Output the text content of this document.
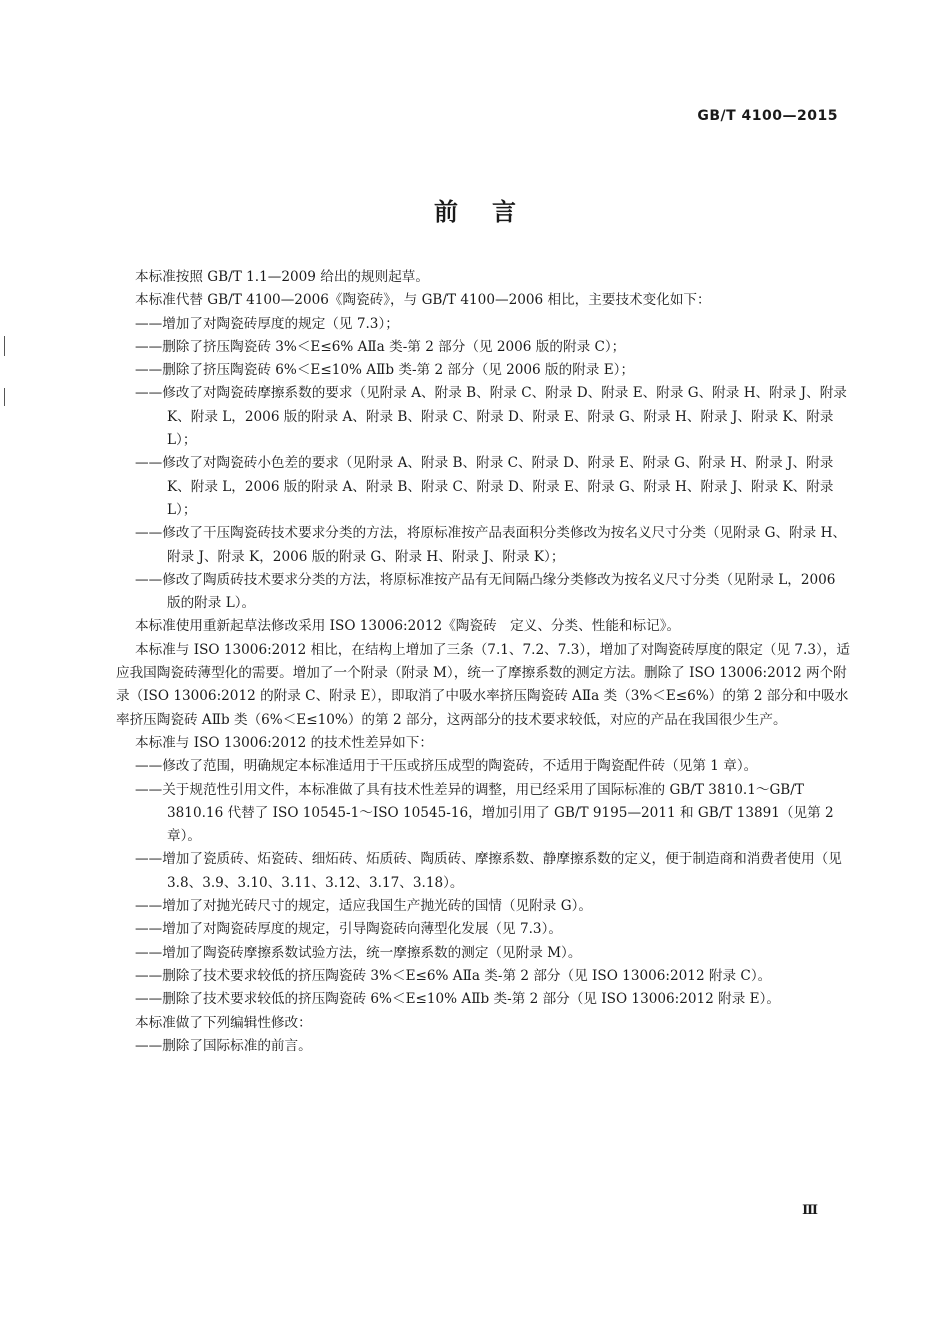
GB/T 4100—2015
前言
本标准按照 GB/T 1.1—2009 给出的规则起草。
本标准代替 GB/T 4100—2006《陶瓷砖》，与 GB/T 4100—2006 相比，主要技术变化如下：
——增加了对陶瓷砖厚度的规定（见 7.3）；
——删除了挤压陶瓷砖 3%＜E≤6% AⅡa 类-第 2 部分（见 2006 版的附录 C）；
——删除了挤压陶瓷砖 6%＜E≤10% AⅡb 类-第 2 部分（见 2006 版的附录 E）；
——修改了对陶瓷砖摩擦系数的要求（见附录 A、附录 B、附录 C、附录 D、附录 E、附录 G、附录 H、附录 J、附录 K、附录 L，2006 版的附录 A、附录 B、附录 C、附录 D、附录 E、附录 G、附录 H、附录 J、附录 K、附录 L）；
——修改了对陶瓷砖小色差的要求（见附录 A、附录 B、附录 C、附录 D、附录 E、附录 G、附录 H、附录 J、附录 K、附录 L，2006 版的附录 A、附录 B、附录 C、附录 D、附录 E、附录 G、附录 H、附录 J、附录 K、附录 L）；
——修改了干压陶瓷砖技术要求分类的方法，将原标准按产品表面积分类修改为按名义尺寸分类（见附录 G、附录 H、附录 J、附录 K，2006 版的附录 G、附录 H、附录 J、附录 K）；
——修改了陶质砖技术要求分类的方法，将原标准按产品有无间隔凸缘分类修改为按名义尺寸分类（见附录 L，2006 版的附录 L）。
本标准使用重新起草法修改采用 ISO 13006:2012《陶瓷砖　定义、分类、性能和标记》。
本标准与 ISO 13006:2012 相比，在结构上增加了三条（7.1、7.2、7.3），增加了对陶瓷砖厚度的限定（见 7.3），适应我国陶瓷砖薄型化的需要。增加了一个附录（附录 M），统一了摩擦系数的测定方法。删除了 ISO 13006:2012 两个附录（ISO 13006:2012 的附录 C、附录 E），即取消了中吸水率挤压陶瓷砖 AⅡa 类（3%＜E≤6%）的第 2 部分和中吸水率挤压陶瓷砖 AⅡb 类（6%＜E≤10%）的第 2 部分，这两部分的技术要求较低，对应的产品在我国很少生产。
本标准与 ISO 13006:2012 的技术性差异如下：
——修改了范围，明确规定本标准适用于干压或挤压成型的陶瓷砖，不适用于陶瓷配件砖（见第 1 章）。
——关于规范性引用文件，本标准做了具有技术性差异的调整，用已经采用了国际标准的 GB/T 3810.1～GB/T 3810.16 代替了 ISO 10545-1～ISO 10545-16，增加引用了 GB/T 9195—2011 和 GB/T 13891（见第 2 章）。
——增加了瓷质砖、炻瓷砖、细炻砖、炻质砖、陶质砖、摩擦系数、静摩擦系数的定义，便于制造商和消费者使用（见 3.8、3.9、3.10、3.11、3.12、3.17、3.18）。
——增加了对抛光砖尺寸的规定，适应我国生产抛光砖的国情（见附录 G）。
——增加了对陶瓷砖厚度的规定，引导陶瓷砖向薄型化发展（见 7.3）。
——增加了陶瓷砖摩擦系数试验方法，统一摩擦系数的测定（见附录 M）。
——删除了技术要求较低的挤压陶瓷砖 3%＜E≤6% AⅡa 类-第 2 部分（见 ISO 13006:2012 附录 C）。
——删除了技术要求较低的挤压陶瓷砖 6%＜E≤10% AⅡb 类-第 2 部分（见 ISO 13006:2012 附录 E）。
本标准做了下列编辑性修改：
——删除了国际标准的前言。
Ⅲ
